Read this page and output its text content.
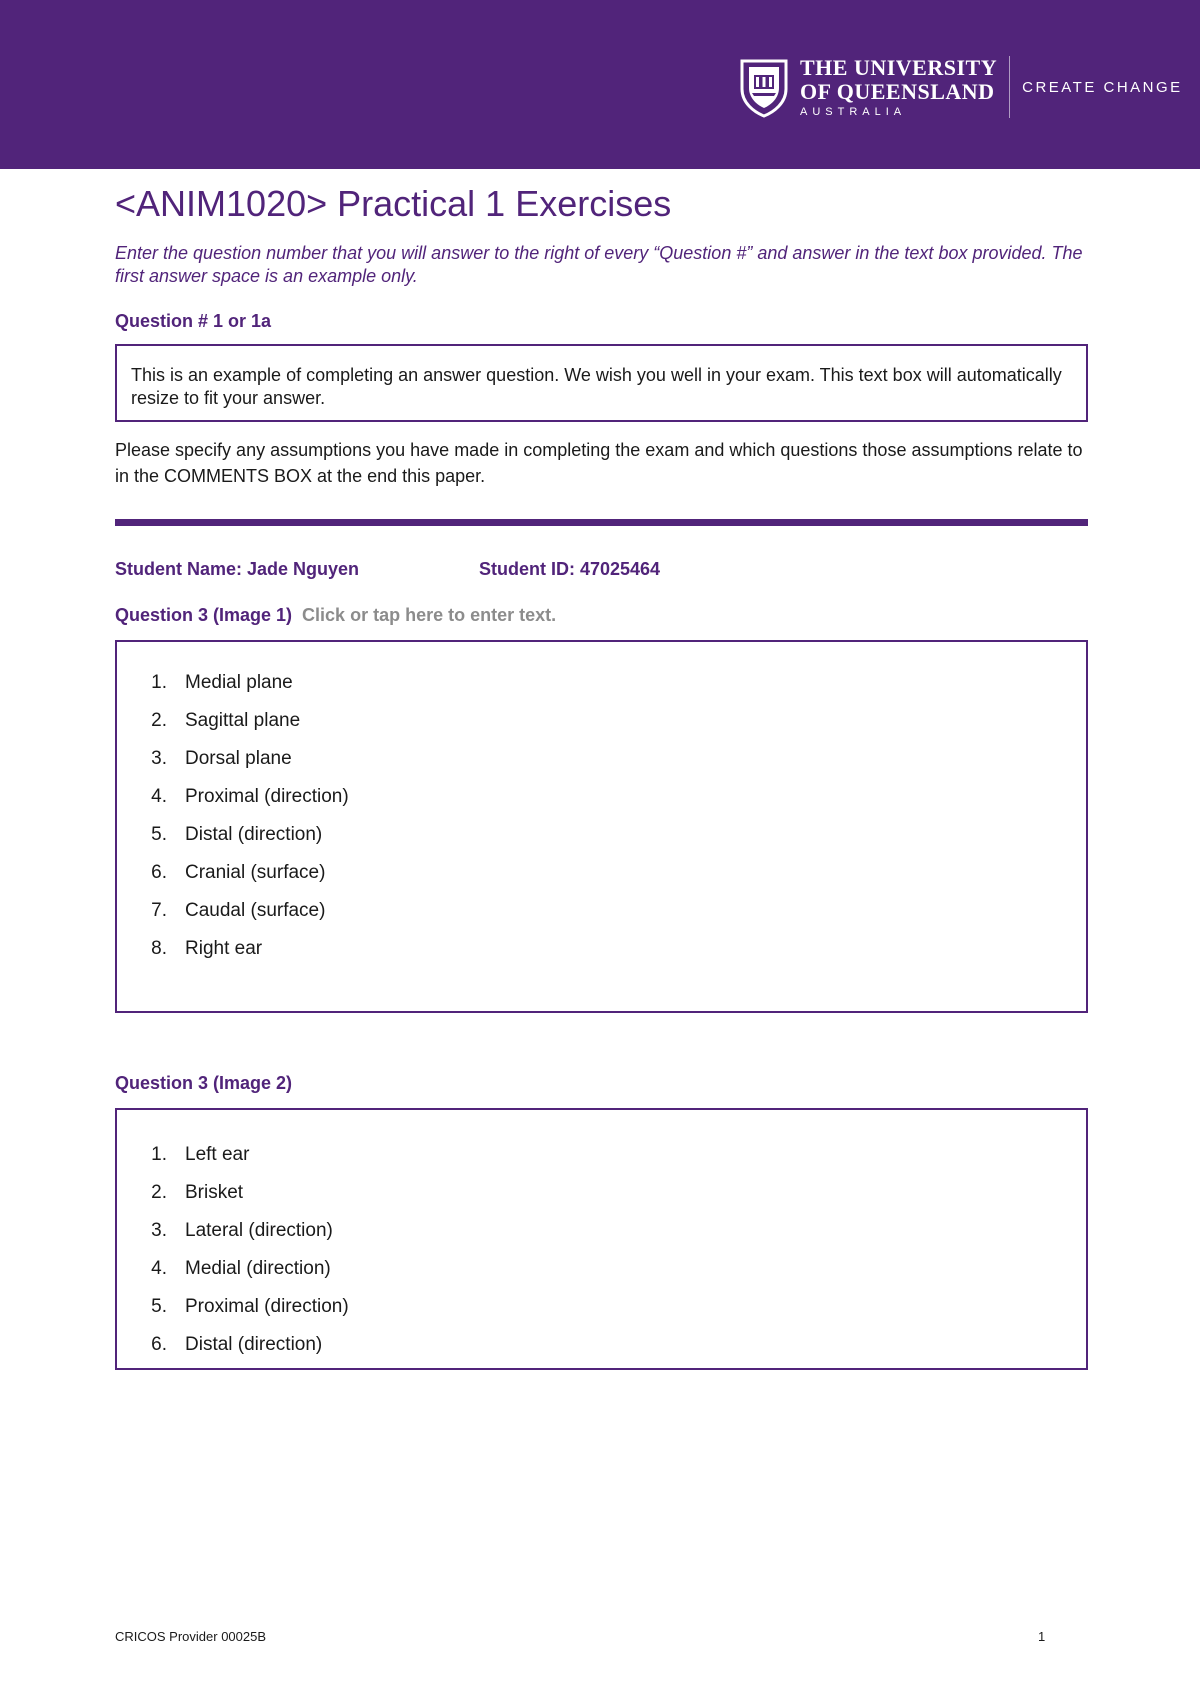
THE UNIVERSITY
OF QUEENSLAND
AUSTRALIA
CREATE CHANGE
<ANIM1020> Practical 1 Exercises
Enter the question number that you will answer to the right of every “Question #” and answer in the text box provided. The first answer space is an example only.

Question # 1 or 1a

This is an example of completing an answer question. We wish you well in your exam. This text box will automatically resize to fit your answer.
Please specify any assumptions you have made in completing the exam and which questions those assumptions relate to in the COMMENTS BOX at the end this paper.
Student Name: Jade Nguyen	Student ID: 47025464
Question 3 (Image 1) Click or tap here to enter text.
1. Medial plane
2. Sagittal plane
3. Dorsal plane
4. Proximal (direction)
5. Distal (direction)
6. Cranial (surface)
7. Caudal (surface)
8. Right ear

Question 3 (Image 2)

1. Left ear
2. Brisket
3. Lateral (direction)
4. Medial (direction)
5. Proximal (direction)
6. Distal (direction)
CRICOS Provider 00025B	1
